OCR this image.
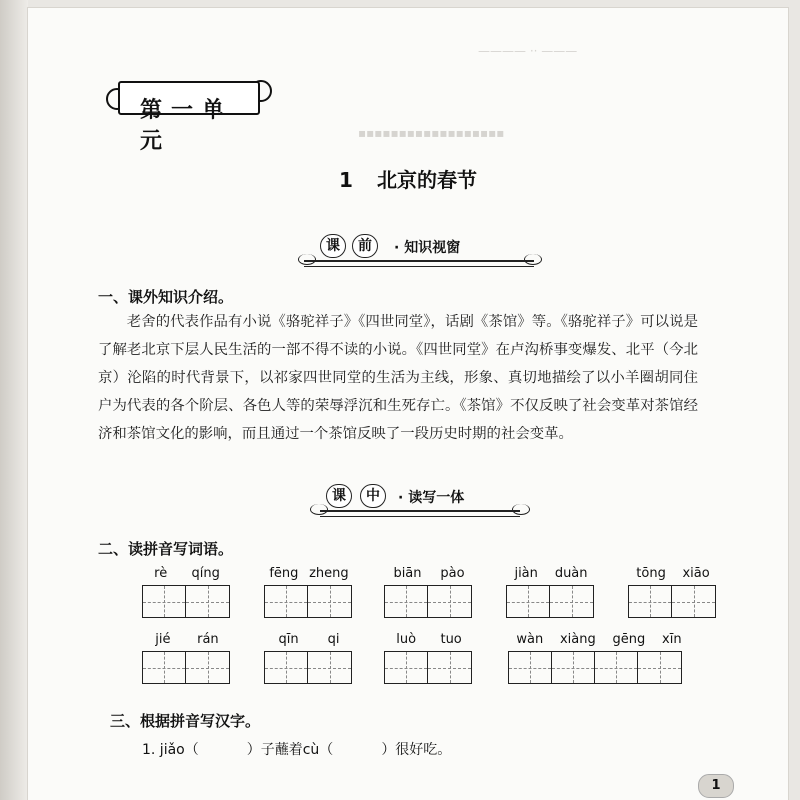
———— ·· ———
▪▪▪▪▪▪▪▪▪▪▪▪▪▪▪▪▪▪
第一单元
1 北京的春节
课	前	· 知识视窗
一、课外知识介绍。

老舍的代表作品有小说《骆驼祥子》《四世同堂》，话剧《茶馆》等。《骆驼祥子》可以说是了解老北京下层人民生活的一部不得不读的小说。《四世同堂》在卢沟桥事变爆发、北平（今北京）沦陷的时代背景下，以祁家四世同堂的生活为主线，形象、真切地描绘了以小羊圈胡同住户为代表的各个阶层、各色人等的荣辱浮沉和生死存亡。《茶馆》不仅反映了社会变革对茶馆经济和茶馆文化的影响，而且通过一个茶馆反映了一段历史时期的社会变革。

课	中	· 读写一体
二、读拼音写词语。
rè qíng	fēng zheng	biān pào	jiàn duàn	tōng xiāo
jié rán	qīn qi	luò tuo	wàn xiàng gēng xīn
三、根据拼音写汉字。
1. jiǎo（	）子蘸着cù（	）很好吃。
1
